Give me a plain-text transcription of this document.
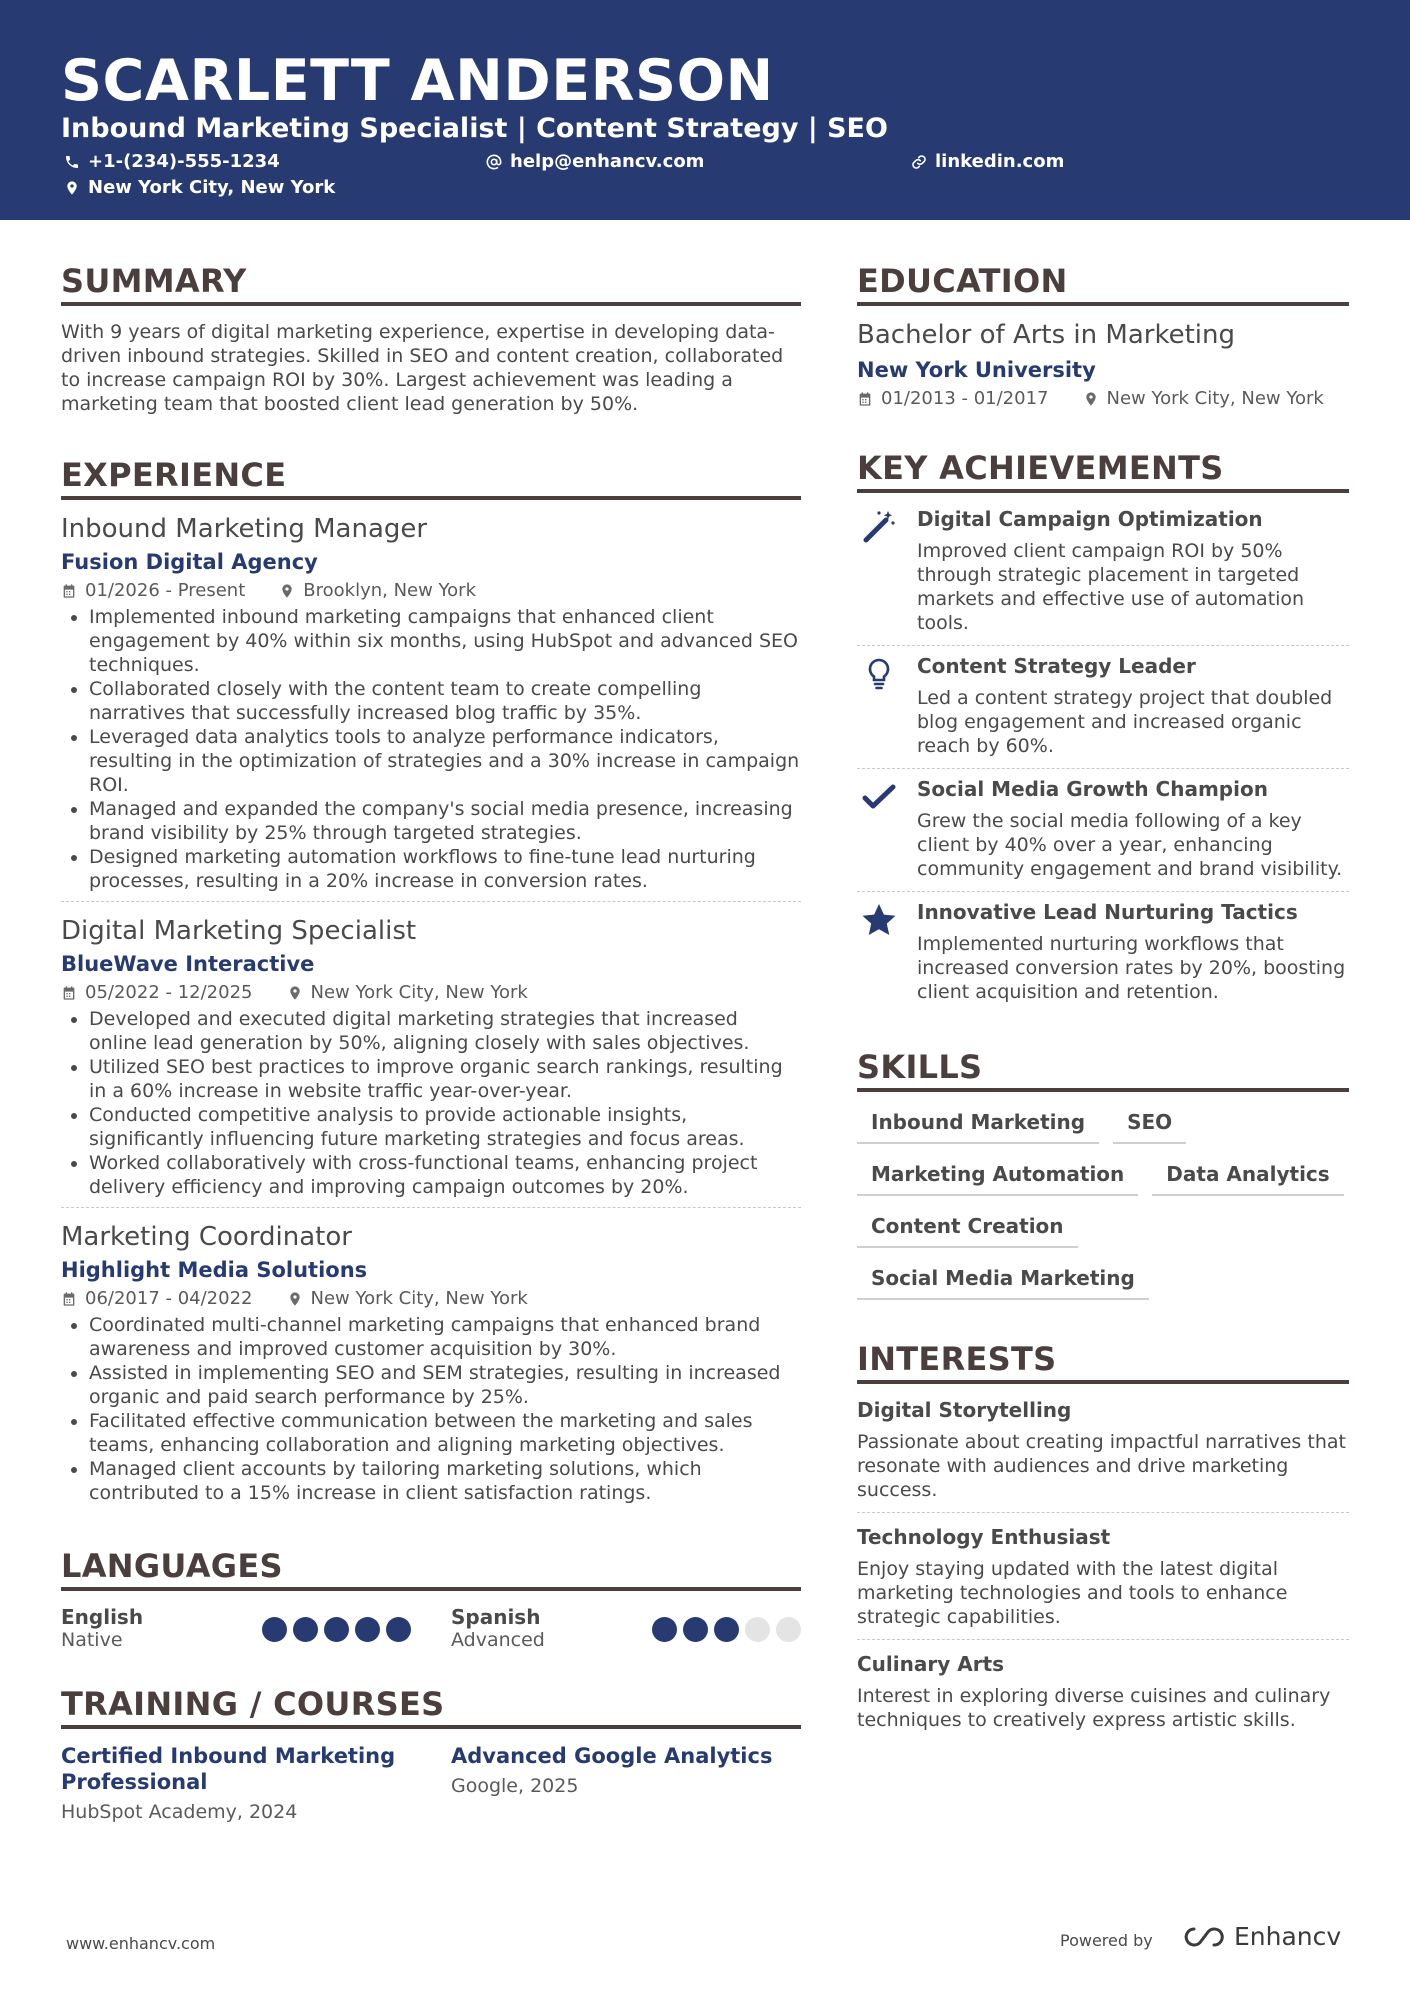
SCARLETT ANDERSON
Inbound Marketing Specialist | Content Strategy | SEO
+1-(234)-555-1234	help@enhancv.com	linkedin.com
New York City, New York
SUMMARY

With 9 years of digital marketing experience, expertise in developing data-driven inbound strategies. Skilled in SEO and content creation, collaborated to increase campaign ROI by 30%. Largest achievement was leading a marketing team that boosted client lead generation by 50%.

EXPERIENCE
Inbound Marketing Manager
Fusion Digital Agency
01/2026 - Present	Brooklyn, New York
• Implemented inbound marketing campaigns that enhanced client engagement by 40% within six months, using HubSpot and advanced SEO techniques.
• Collaborated closely with the content team to create compelling narratives that successfully increased blog traffic by 35%.
• Leveraged data analytics tools to analyze performance indicators, resulting in the optimization of strategies and a 30% increase in campaign ROI.
• Managed and expanded the company's social media presence, increasing brand visibility by 25% through targeted strategies.
• Designed marketing automation workflows to fine-tune lead nurturing processes, resulting in a 20% increase in conversion rates.
Digital Marketing Specialist
BlueWave Interactive
05/2022 - 12/2025	New York City, New York
• Developed and executed digital marketing strategies that increased online lead generation by 50%, aligning closely with sales objectives.
• Utilized SEO best practices to improve organic search rankings, resulting in a 60% increase in website traffic year-over-year.
• Conducted competitive analysis to provide actionable insights, significantly influencing future marketing strategies and focus areas.
• Worked collaboratively with cross-functional teams, enhancing project delivery efficiency and improving campaign outcomes by 20%.
Marketing Coordinator
Highlight Media Solutions
06/2017 - 04/2022	New York City, New York
• Coordinated multi-channel marketing campaigns that enhanced brand awareness and improved customer acquisition by 30%.
• Assisted in implementing SEO and SEM strategies, resulting in increased organic and paid search performance by 25%.
• Facilitated effective communication between the marketing and sales teams, enhancing collaboration and aligning marketing objectives.
• Managed client accounts by tailoring marketing solutions, which contributed to a 15% increase in client satisfaction ratings.
LANGUAGES
English
Native
Spanish
Advanced
TRAINING / COURSES
Certified Inbound Marketing Professional
HubSpot Academy, 2024
Advanced Google Analytics
Google, 2025
EDUCATION
Bachelor of Arts in Marketing
New York University
01/2013 - 01/2017	New York City, New York
KEY ACHIEVEMENTS
Digital Campaign Optimization
Improved client campaign ROI by 50% through strategic placement in targeted markets and effective use of automation tools.
Content Strategy Leader
Led a content strategy project that doubled blog engagement and increased organic reach by 60%.
Social Media Growth Champion
Grew the social media following of a key client by 40% over a year, enhancing community engagement and brand visibility.
Innovative Lead Nurturing Tactics
Implemented nurturing workflows that increased conversion rates by 20%, boosting client acquisition and retention.
SKILLS
Inbound Marketing	SEO
Marketing Automation	Data Analytics
Content Creation
Social Media Marketing
INTERESTS
Digital Storytelling
Passionate about creating impactful narratives that resonate with audiences and drive marketing success.
Technology Enthusiast
Enjoy staying updated with the latest digital marketing technologies and tools to enhance strategic capabilities.
Culinary Arts
Interest in exploring diverse cuisines and culinary techniques to creatively express artistic skills.
www.enhancv.com	Powered by	Enhancv
